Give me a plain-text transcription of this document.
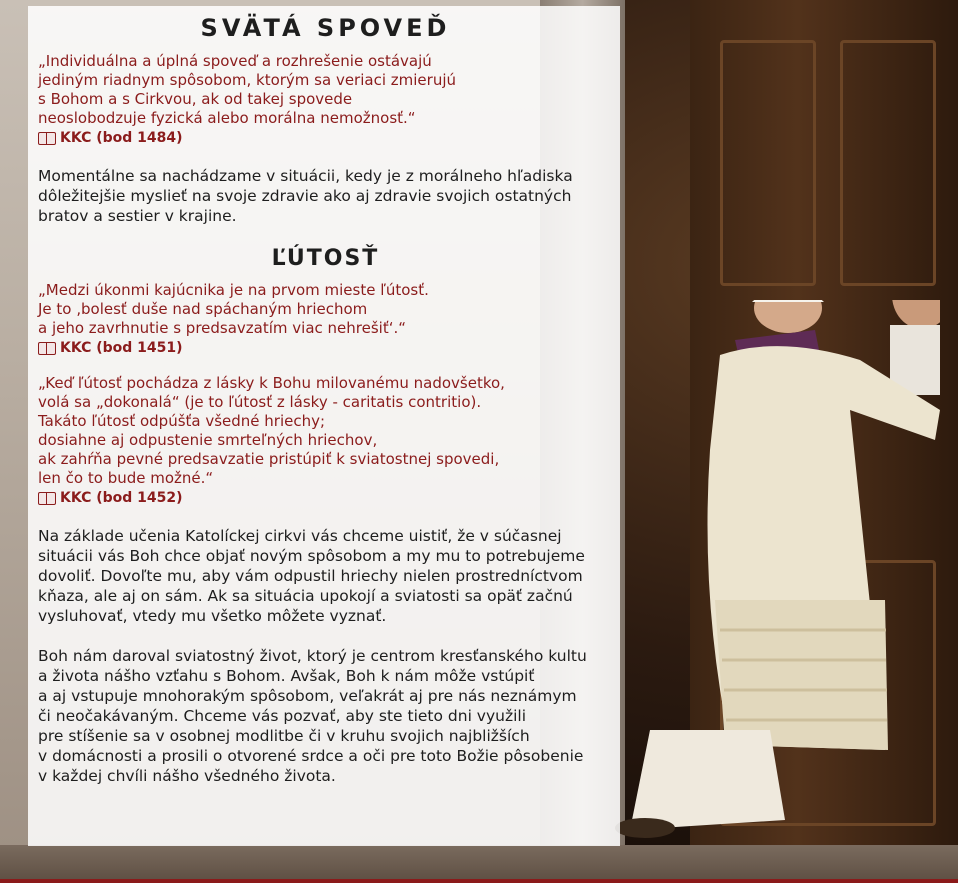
SVÄTÁ SPOVEĎ

„Individuálna a úplná spoveď a rozhrešenie ostávajú
jediným riadnym spôsobom, ktorým sa veriaci zmierujú
s Bohom a s Cirkvou, ak od takej spovede
neoslobodzuje fyzická alebo morálna nemožnosť.“

KKC (bod 1484)

Momentálne sa nachádzame v situácii, kedy je z morálneho hľadiska
dôležitejšie myslieť na svoje zdravie ako aj zdravie svojich ostatných
bratov a sestier v krajine.

ĽÚTOSŤ

„Medzi úkonmi kajúcnika je na prvom mieste ľútosť.
Je to ‚bolesť duše nad spáchaným hriechom
a jeho zavrhnutie s predsavzatím viac nehrešiť‘.“

KKC (bod 1451)

„Keď ľútosť pochádza z lásky k Bohu milovanému nadovšetko,
volá sa „dokonalá“ (je to ľútosť z lásky - caritatis contritio).
Takáto ľútosť odpúšťa všedné hriechy;
dosiahne aj odpustenie smrteľných hriechov,
ak zahŕňa pevné predsavzatie pristúpiť k sviatostnej spovedi,
len čo to bude možné.“

KKC (bod 1452)

Na základe učenia Katolíckej cirkvi vás chceme uistiť, že v súčasnej
situácii vás Boh chce objať novým spôsobom a my mu to potrebujeme
dovoliť. Dovoľte mu, aby vám odpustil hriechy nielen prostredníctvom
kňaza, ale aj on sám. Ak sa situácia upokojí a sviatosti sa opäť začnú
vysluhovať, vtedy mu všetko môžete vyznať.

Boh nám daroval sviatostný život, ktorý je centrom kresťanského kultu
a života nášho vzťahu s Bohom. Avšak, Boh k nám môže vstúpiť
a aj vstupuje mnohorakým spôsobom, veľakrát aj pre nás neznámym
či neočakávaným. Chceme vás pozvať, aby ste tieto dni využili
pre stíšenie sa v osobnej modlitbe či v kruhu svojich najbližších
v domácnosti a prosili o otvorené srdce a oči pre toto Božie pôsobenie
v každej chvíli nášho všedného života.
